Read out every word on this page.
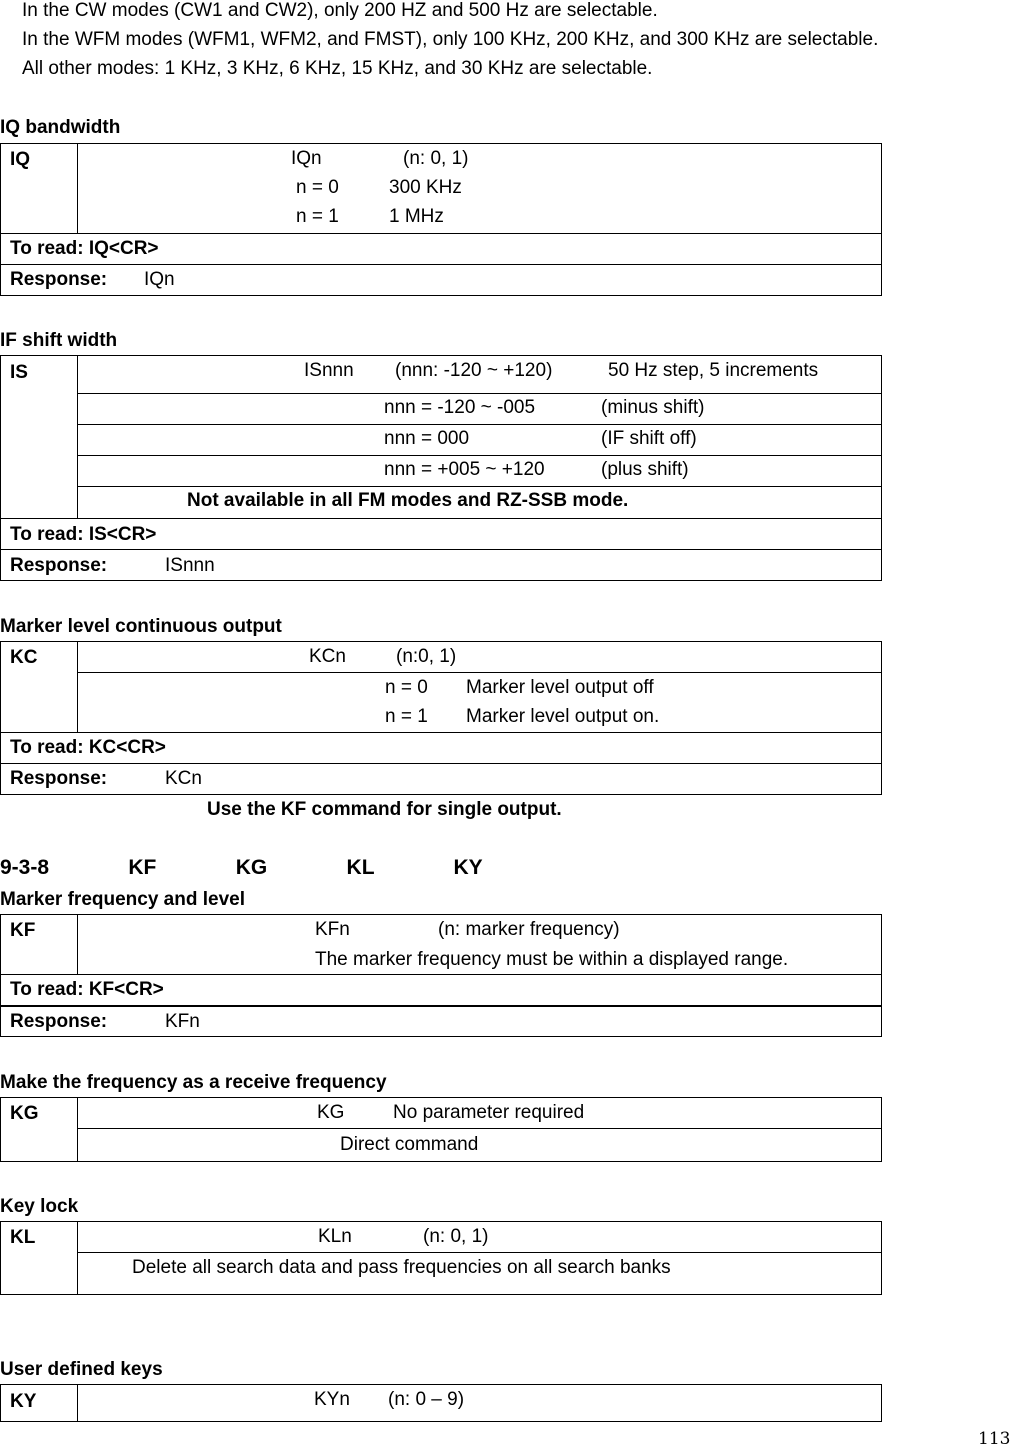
In the CW modes (CW1 and CW2), only 200 HZ and 500 Hz are selectable.
In the WFM modes (WFM1, WFM2, and FMST), only 100 KHz, 200 KHz, and 300 KHz are selectable.
All other modes: 1 KHz, 3 KHz, 6 KHz, 15 KHz, and 30 KHz are selectable.
IQ bandwidth
IQ	IQn	(n: 0, 1)
n = 0	300 KHz
n = 1	1 MHz
To read: IQ<CR>
Response: IQn
IF shift width
IS	ISnnn (nnn: -120 ~ +120)	50 Hz step, 5 increments
nnn = -120 ~ -005	(minus shift)
nnn = 000	(IF shift off)
nnn = +005 ~ +120	(plus shift)
Not available in all FM modes and RZ-SSB mode.
To read: IS<CR>
Response:	ISnnn
Marker level continuous output
KC	KCn	(n:0, 1)
n = 0 Marker level output off
n = 1 Marker level output on.
To read: KC<CR>
Response:	KCn
Use the KF command for single output.
9-3-8    KF    KG    KL    KY
Marker frequency and level
KF	KFn	(n: marker frequency)
The marker frequency must be within a displayed range.
To read: KF<CR>
Response:	KFn
Make the frequency as a receive frequency
KG	KG	No parameter required
Direct command
Key lock
KL	KLn	(n: 0, 1)
Delete all search data and pass frequencies on all search banks
User defined keys
KY	KYn (n: 0 – 9)
113
